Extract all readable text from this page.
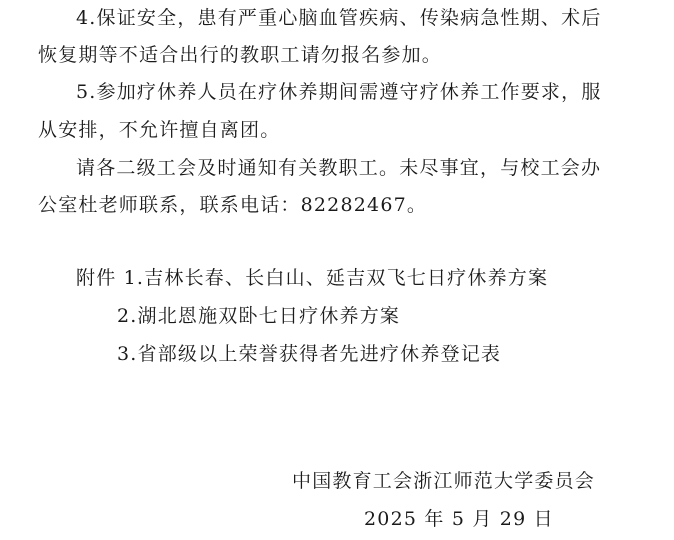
4.保证安全，患有严重心脑血管疾病、传染病急性期、术后
恢复期等不适合出行的教职工请勿报名参加。
5.参加疗休养人员在疗休养期间需遵守疗休养工作要求，服
从安排，不允许擅自离团。
请各二级工会及时通知有关教职工。未尽事宜，与校工会办
公室杜老师联系，联系电话：82282467。
附件 1.吉林长春、长白山、延吉双飞七日疗休养方案
2.湖北恩施双卧七日疗休养方案
3.省部级以上荣誉获得者先进疗休养登记表
中国教育工会浙江师范大学委员会
2025 年 5 月 29 日
